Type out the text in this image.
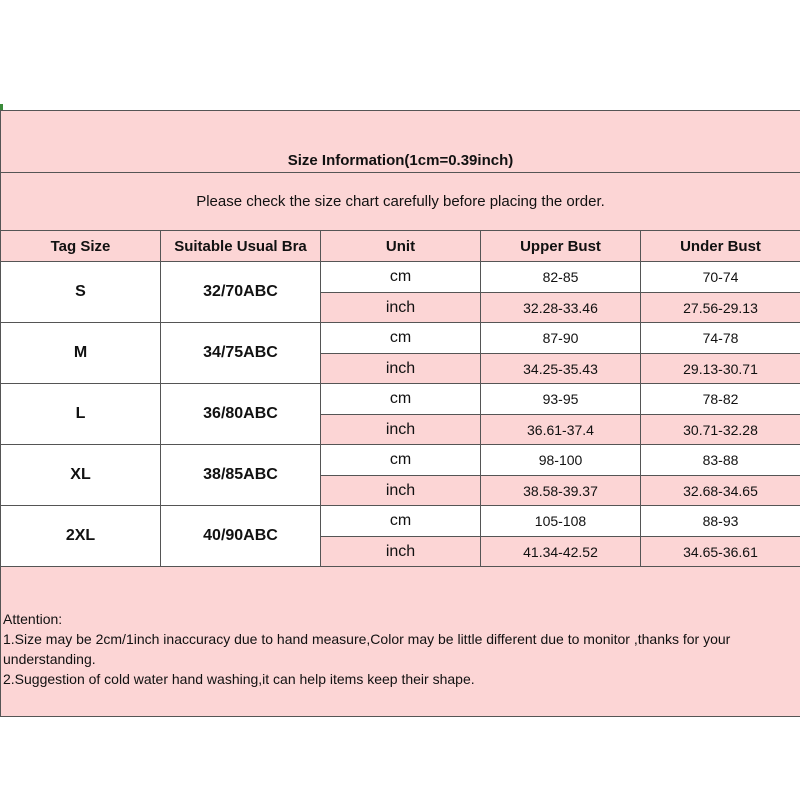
Size Information(1cm=0.39inch)				
Please check the size chart carefully before placing the order.				
Tag Size	Suitable Usual Bra	Unit	Upper Bust	Under Bust
S	32/70ABC	cm	82-85	70-74
		inch	32.28-33.46	27.56-29.13
M	34/75ABC	cm	87-90	74-78
		inch	34.25-35.43	29.13-30.71
L	36/80ABC	cm	93-95	78-82
		inch	36.61-37.4	30.71-32.28
XL	38/85ABC	cm	98-100	83-88
		inch	38.58-39.37	32.68-34.65
2XL	40/90ABC	cm	105-108	88-93
		inch	41.34-42.52	34.65-36.61

Attention:
1.Size may be 2cm/1inch inaccuracy due to hand measure,Color may be little different due to monitor ,thanks for your understanding.
2.Suggestion of cold water hand washing,it can help items keep their shape.				
